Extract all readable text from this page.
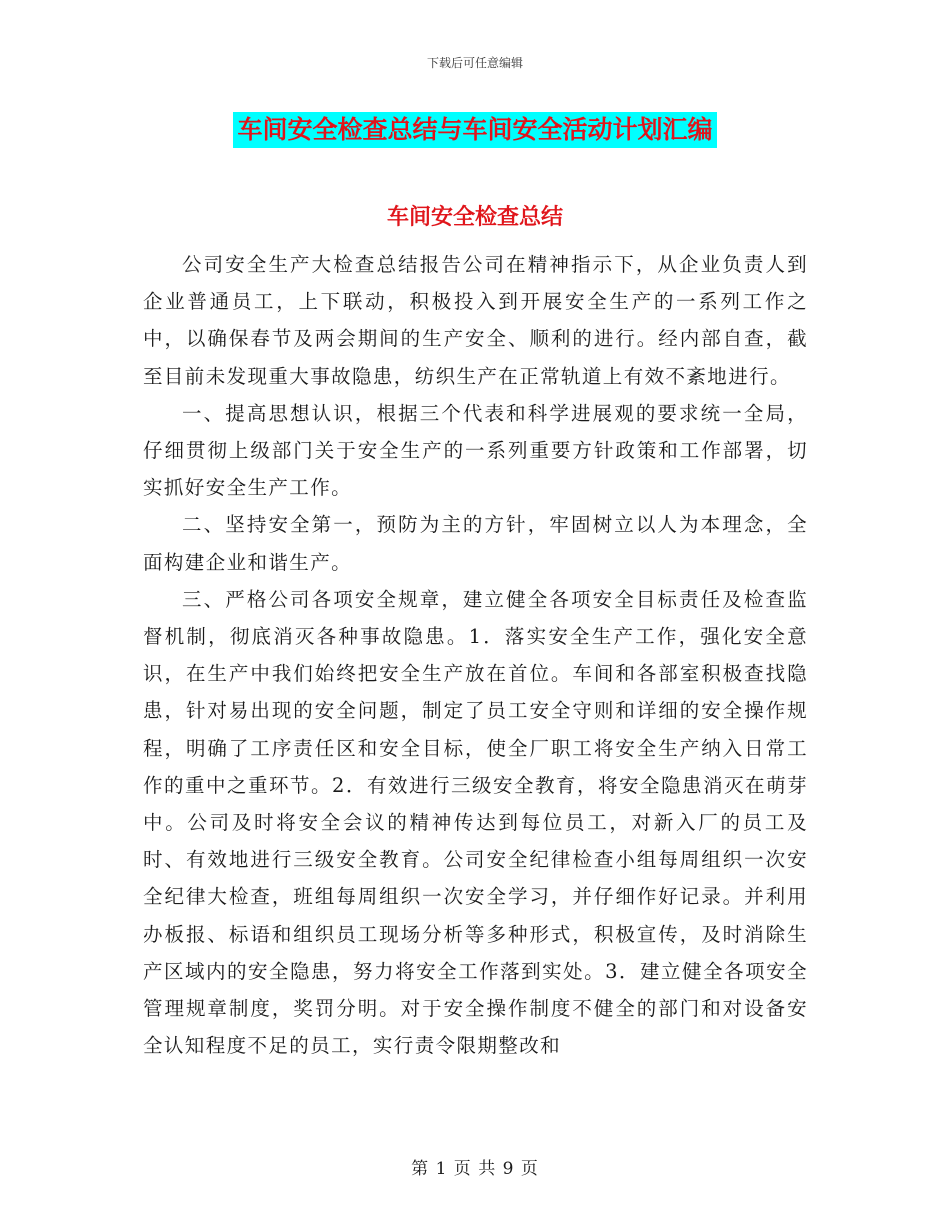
下载后可任意编辑
车间安全检查总结与车间安全活动计划汇编
车间安全检查总结

公司安全生产大检查总结报告公司在精神指示下，从企业负责人到企业普通员工，上下联动，积极投入到开展安全生产的一系列工作之中，以确保春节及两会期间的生产安全、顺利的进行。经内部自查，截至目前未发现重大事故隐患，纺织生产在正常轨道上有效不紊地进行。

一、提高思想认识，根据三个代表和科学进展观的要求统一全局，仔细贯彻上级部门关于安全生产的一系列重要方针政策和工作部署，切实抓好安全生产工作。

二、坚持安全第一，预防为主的方针，牢固树立以人为本理念，全面构建企业和谐生产。

三、严格公司各项安全规章，建立健全各项安全目标责任及检查监督机制，彻底消灭各种事故隐患。1．落实安全生产工作，强化安全意识，在生产中我们始终把安全生产放在首位。车间和各部室积极查找隐患，针对易出现的安全问题，制定了员工安全守则和详细的安全操作规程，明确了工序责任区和安全目标，使全厂职工将安全生产纳入日常工作的重中之重环节。2．有效进行三级安全教育，将安全隐患消灭在萌芽中。公司及时将安全会议的精神传达到每位员工，对新入厂的员工及时、有效地进行三级安全教育。公司安全纪律检查小组每周组织一次安全纪律大检查，班组每周组织一次安全学习，并仔细作好记录。并利用办板报、标语和组织员工现场分析等多种形式，积极宣传，及时消除生产区域内的安全隐患，努力将安全工作落到实处。3．建立健全各项安全管理规章制度，奖罚分明。对于安全操作制度不健全的部门和对设备安全认知程度不足的员工，实行责令限期整改和

第 1 页 共 9 页
